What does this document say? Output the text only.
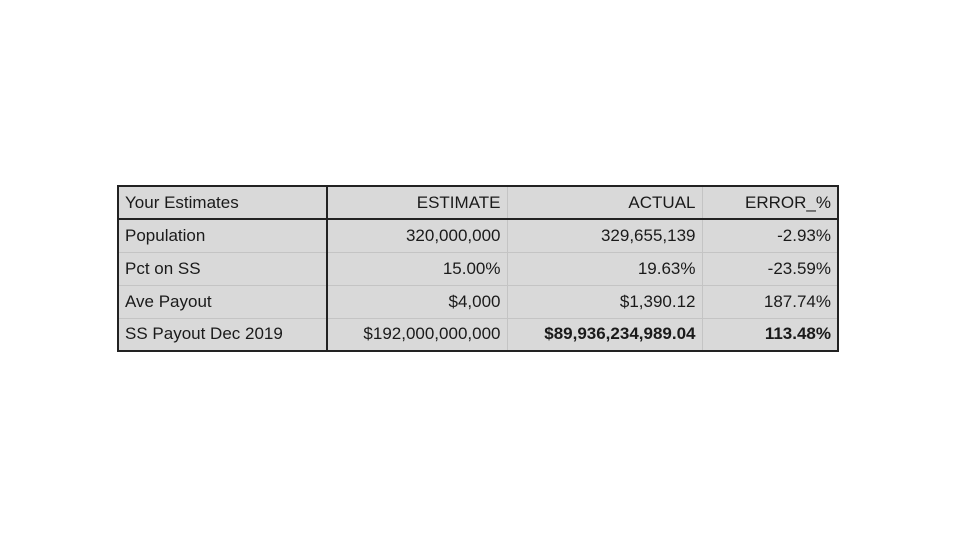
Your Estimates	ESTIMATE	ACTUAL	ERROR_%
Population	320,000,000	329,655,139	-2.93%
Pct on SS	15.00%	19.63%	-23.59%
Ave Payout	$4,000	$1,390.12	187.74%
SS Payout Dec 2019	$192,000,000,000	$89,936,234,989.04	113.48%
